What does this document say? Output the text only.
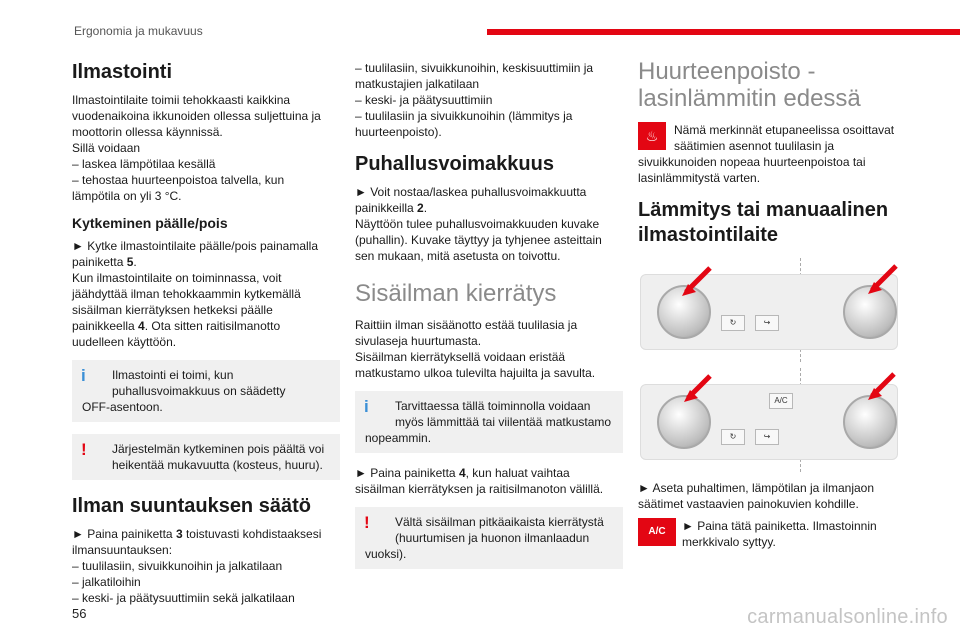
Ergonomia ja mukavuus
Ilmastointi
Ilmastointilaite toimii tehokkaasti kaikkina
vuodenaikoina ikkunoiden ollessa suljettuina ja
moottorin ollessa käynnissä.
Sillä voidaan
– laskea lämpötilaa kesällä
– tehostaa huurteenpoistoa talvella, kun
lämpötila on yli 3 °C.
Kytkeminen päälle/pois
► Kytke ilmastointilaite päälle/pois painamalla
painiketta 5.
Kun ilmastointilaite on toiminnassa, voit
jäähdyttää ilman tehokkaammin kytkemällä
sisäilman kierrätyksen hetkeksi päälle
painikkeella 4. Ota sitten raitisilmanotto
uudelleen käyttöön.
i	Ilmastointi ei toimi, kun
puhallusvoimakkuus on säädetty
OFF-asentoon.
!	Järjestelmän kytkeminen pois päältä voi
heikentää mukavuutta (kosteus, huuru).
Ilman suuntauksen säätö
► Paina painiketta 3 toistuvasti kohdistaaksesi
ilmansuuntauksen:
– tuulilasiin, sivuikkunoihin ja jalkatilaan
– jalkatiloihin
– keski- ja päätysuuttimiin sekä jalkatilaan
– tuulilasiin, sivuikkunoihin, keskisuuttimiin ja
matkustajien jalkatilaan
– keski- ja päätysuuttimiin
– tuulilasiin ja sivuikkunoihin (lämmitys ja
huurteenpoisto).
Puhallusvoimakkuus
► Voit nostaa/laskea puhallusvoimakkuutta
painikkeilla 2.
Näyttöön tulee puhallusvoimakkuuden kuvake
(puhallin). Kuvake täyttyy ja tyhjenee asteittain
sen mukaan, mitä asetusta on toivottu.
Sisäilman kierrätys
Raittiin ilman sisäänotto estää tuulilasia ja
sivulaseja huurtumasta.
Sisäilman kierrätyksellä voidaan eristää
matkustamo ulkoa tulevilta hajuilta ja savulta.
i	Tarvittaessa tällä toiminnolla voidaan
myös lämmittää tai viilentää matkustamo
nopeammin.
► Paina painiketta 4, kun haluat vaihtaa
sisäilman kierrätyksen ja raitisilmanoton välillä.
!	Vältä sisäilman pitkäaikaista kierrätystä
(huurtumisen ja huonon ilmanlaadun
vuoksi).
Huurteenpoisto -
lasinlämmitin edessä
♨	Nämä merkinnät etupaneelissa osoittavat
säätimien asennot tuulilasin ja
sivuikkunoiden nopeaa huurteenpoistoa tai
lasinlämmitystä varten.
Lämmitys tai manuaalinen
ilmastointilaite
↻	↪
A/C
↻	↪
► Aseta puhaltimen, lämpötilan ja ilmanjaon
säätimet vastaavien painokuvien kohdille.
A/C	► Paina tätä painiketta. Ilmastoinnin
merkkivalo syttyy.
56	carmanualsonline.info
